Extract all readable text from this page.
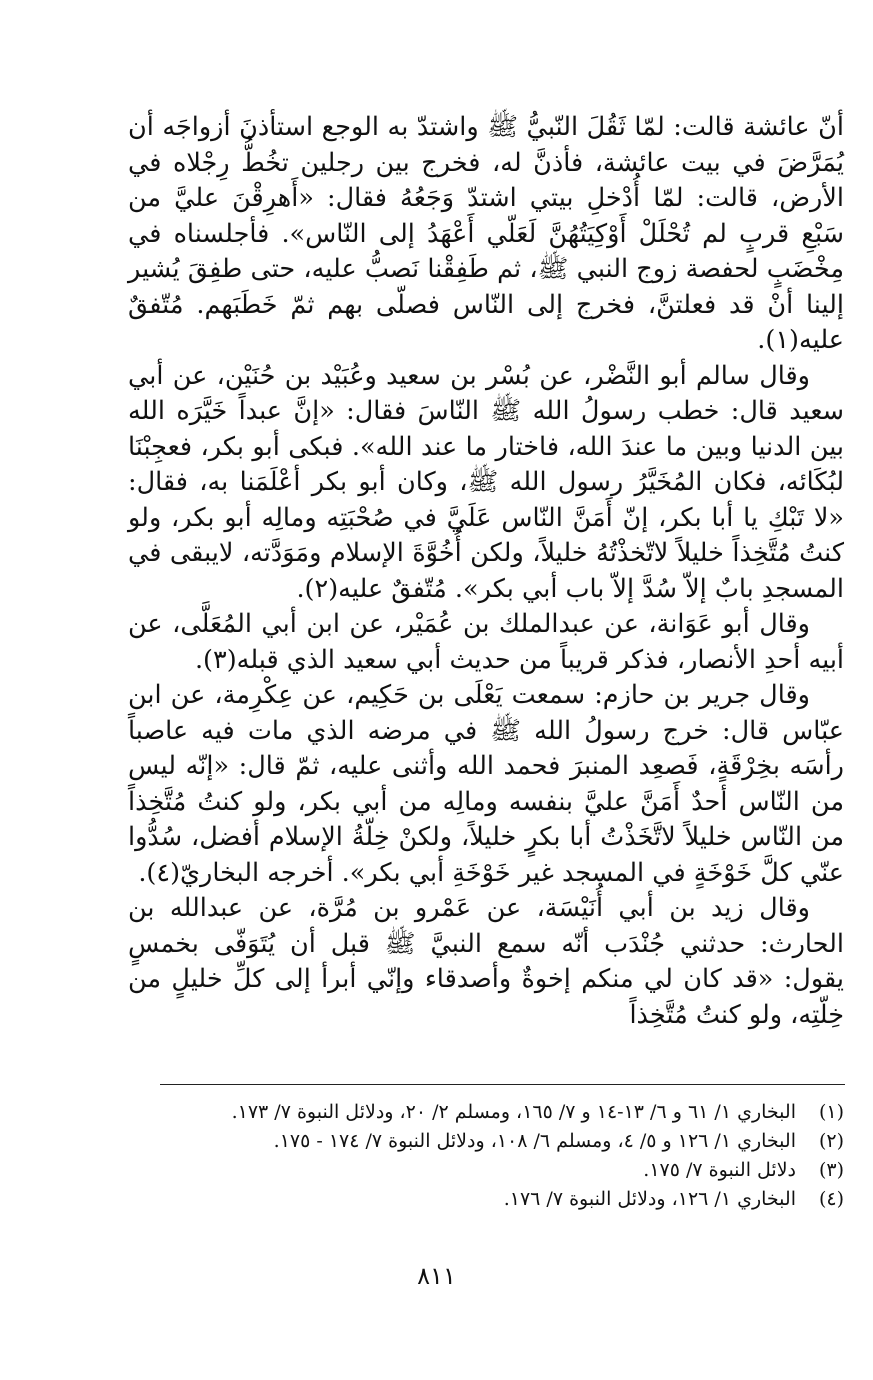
أنّ عائشة قالت: لمّا ثَقُلَ النّبيُّ ﷺ واشتدّ به الوجع استأذنَ أزواجَه أن يُمَرَّضَ في بيت عائشة، فأذنَّ له، فخرج بين رجلين تخُطُّ رِجْلاه في الأرض، قالت: لمّا أُدْخلِ بيتي اشتدّ وَجَعُهُ فقال: «أَهرِقْنَ عليَّ من سَبْعِ قربٍ لم تُحْلَلْ أَوْكِيَتُهُنَّ لَعَلّي أَعْهَدُ إلى النّاس». فأجلسناه في مِخْضَبٍ لحفصة زوج النبي ﷺ، ثم طَفِقْنا نَصبُّ عليه، حتى طفِقَ يُشير إلينا أنْ قد فعلتنَّ، فخرج إلى النّاس فصلّى بهم ثمّ خَطَبَهم. مُتّفقٌ عليه(١).

وقال سالم أبو النَّضْر، عن بُسْر بن سعيد وعُبَيْد بن حُنَيْن، عن أبي سعيد قال: خطب رسولُ الله ﷺ النّاسَ فقال: «إنَّ عبداً خَيَّرَه الله بين الدنيا وبين ما عندَ الله، فاختار ما عند الله». فبكى أبو بكر، فعجِبْنَا لبُكَائه، فكان المُخَيَّرُ رسول الله ﷺ، وكان أبو بكر أعْلَمَنا به، فقال: «لا تَبْكِ يا أبا بكر، إنّ أَمَنَّ النّاس عَلَيَّ في صُحْبَتِه ومالِه أبو بكر، ولو كنتُ مُتَّخِذاً خليلاً لاتّخذْتُهُ خليلاً، ولكن أُخُوَّةَ الإسلام ومَوَدَّته، لايبقى في المسجدِ بابٌ إلاّ سُدَّ إلاّ باب أبي بكر». مُتّفقٌ عليه(٢).

وقال أبو عَوَانة، عن عبدالملك بن عُمَيْر، عن ابن أبي المُعَلَّى، عن أبيه أحدِ الأنصار، فذكر قريباً من حديث أبي سعيد الذي قبله(٣).

وقال جرير بن حازم: سمعت يَعْلَى بن حَكِيم، عن عِكْرِمة، عن ابن عبّاس قال: خرج رسولُ الله ﷺ في مرضه الذي مات فيه عاصباً رأسَه بخِرْقَةٍ، فَصعِد المنبرَ فحمد الله وأثنى عليه، ثمّ قال: «إنّه ليس من النّاس أحدٌ أَمَنَّ عليَّ بنفسه ومالِه من أبي بكر، ولو كنتُ مُتَّخِذاً من النّاس خليلاً لاتَّخَذْتُ أبا بكرٍ خليلاً، ولكنْ خِلّةُ الإسلام أفضل، سُدُّوا عنّي كلَّ خَوْخَةٍ في المسجد غير خَوْخَةِ أبي بكر». أخرجه البخاريّ(٤).

وقال زيد بن أبي أُنَيْسَة، عن عَمْرو بن مُرَّة، عن عبدالله بن الحارث: حدثني جُنْدَب أنّه سمع النبيَّ ﷺ قبل أن يُتَوَفّى بخمسٍ يقول: «قد كان لي منكم إخوةٌ وأصدقاء وإنّي أبرأ إلى كلِّ خليلٍ من خِلّتِه، ولو كنتُ مُتَّخِذاً

(١)
البخاري ١/ ٦١ و ٦/ ١٣-١٤ و ٧/ ١٦٥، ومسلم ٢/ ٢٠، ودلائل النبوة ٧/ ١٧٣.
(٢)
البخاري ١/ ١٢٦ و ٥/ ٤، ومسلم ٦/ ١٠٨، ودلائل النبوة ٧/ ١٧٤ - ١٧٥.
(٣)
دلائل النبوة ٧/ ١٧٥.
(٤)
البخاري ١/ ١٢٦، ودلائل النبوة ٧/ ١٧٦.
٨١١
